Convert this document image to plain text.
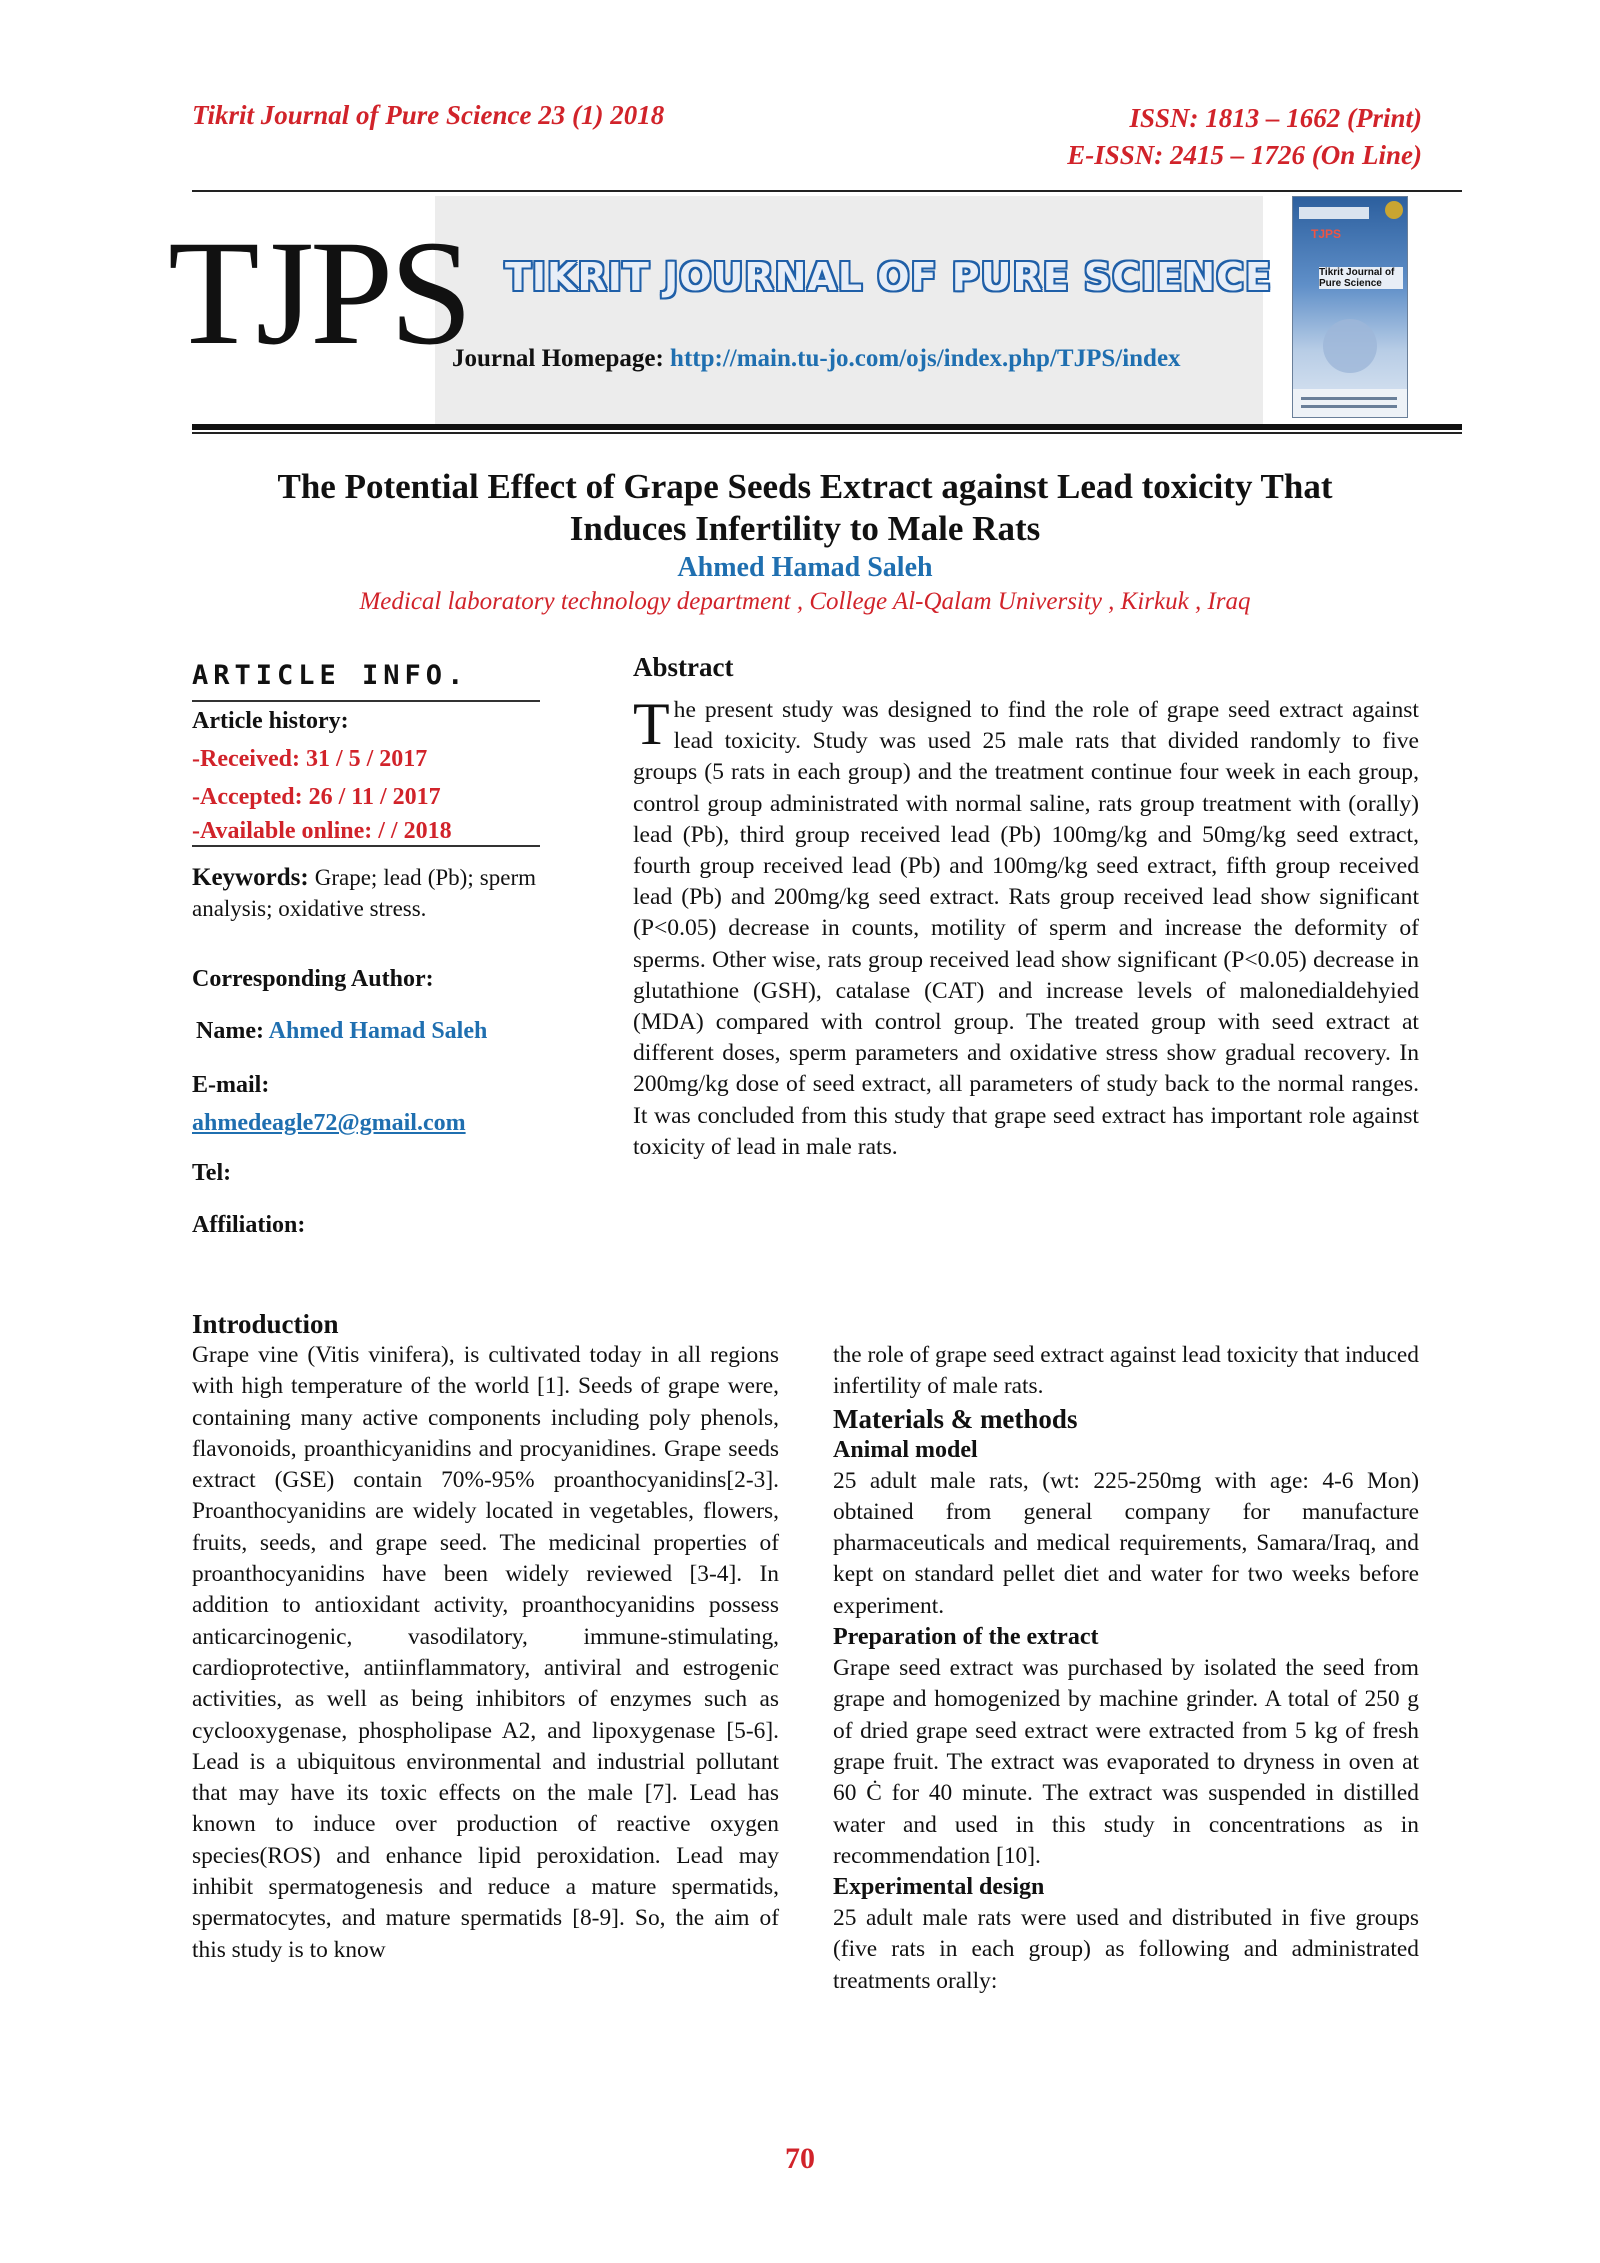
Tikrit Journal of Pure Science 23 (1) 2018	ISSN: 1813 – 1662 (Print)
E-ISSN: 2415 – 1726 (On Line)
TJPS TIKRIT JOURNAL OF PURE SCIENCE
Journal Homepage: http://main.tu-jo.com/ojs/index.php/TJPS/index
TJPS
Tikrit Journal of Pure Science
The Potential Effect of Grape Seeds Extract against Lead toxicity That
Induces Infertility to Male Rats
Ahmed Hamad Saleh
Medical laboratory technology department , College Al-Qalam University , Kirkuk , Iraq
ARTICLE INFO.
Article history:
-Received: 31 / 5 / 2017
-Accepted: 26 / 11 / 2017
-Available online: / / 2018
Keywords: Grape; lead (Pb); sperm analysis; oxidative stress.
Corresponding Author:
Name: Ahmed Hamad Saleh
E-mail:
ahmedeagle72@gmail.com
Tel:
Affiliation:
Abstract
The present study was designed to find the role of grape seed extract against lead toxicity. Study was used 25 male rats that divided randomly to five groups (5 rats in each group) and the treatment continue four week in each group, control group administrated with normal saline, rats group treatment with (orally) lead (Pb), third group received lead (Pb) 100mg/kg and 50mg/kg seed extract, fourth group received lead (Pb) and 100mg/kg seed extract, fifth group received lead (Pb) and 200mg/kg seed extract. Rats group received lead show significant (P<0.05) decrease in counts, motility of sperm and increase the deformity of sperms. Other wise, rats group received lead show significant (P<0.05) decrease in glutathione (GSH), catalase (CAT) and increase levels of malonedialdehyied (MDA) compared with control group. The treated group with seed extract at different doses, sperm parameters and oxidative stress show gradual recovery. In 200mg/kg dose of seed extract, all parameters of study back to the normal ranges. It was concluded from this study that grape seed extract has important role against toxicity of lead in male rats.
Introduction

Grape vine (Vitis vinifera), is cultivated today in all regions with high temperature of the world [1]. Seeds of grape were, containing many active components including poly phenols, flavonoids, proanthicyanidins and procyanidines. Grape seeds extract (GSE) contain 70%-95% proanthocyanidins[2-3]. Proanthocyanidins are widely located in vegetables, flowers, fruits, seeds, and grape seed. The medicinal properties of proanthocyanidins have been widely reviewed [3-4]. In addition to antioxidant activity, proanthocyanidins possess anticarcinogenic, vasodilatory, immune-stimulating, cardioprotective, antiinflammatory, antiviral and estrogenic activities, as well as being inhibitors of enzymes such as cyclooxygenase, phospholipase A2, and lipoxygenase [5-6]. Lead is a ubiquitous environmental and industrial pollutant that may have its toxic effects on the male [7]. Lead has known to induce over production of reactive oxygen species(ROS) and enhance lipid peroxidation. Lead may inhibit spermatogenesis and reduce a mature spermatids, spermatocytes, and mature spermatids [8-9]. So, the aim of this study is to know

the role of grape seed extract against lead toxicity that induced infertility of male rats.

Materials & methods
Animal model

25 adult male rats, (wt: 225-250mg with age: 4-6 Mon) obtained from general company for manufacture pharmaceuticals and medical requirements, Samara/Iraq, and kept on standard pellet diet and water for two weeks before experiment.

Preparation of the extract

Grape seed extract was purchased by isolated the seed from grape and homogenized by machine grinder. A total of 250 g of dried grape seed extract were extracted from 5 kg of fresh grape fruit. The extract was evaporated to dryness in oven at 60 Ċ for 40 minute. The extract was suspended in distilled water and used in this study in concentrations as in recommendation [10].

Experimental design

25 adult male rats were used and distributed in five groups (five rats in each group) as following and administrated treatments orally:

70
